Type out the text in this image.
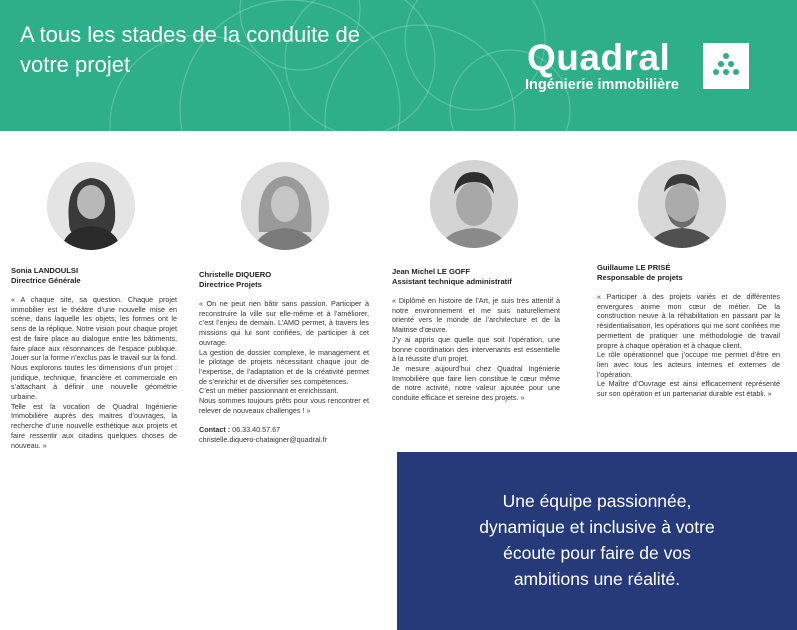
A tous les stades de la conduite de
votre projet	Quadral
Ingénierie immobilière
Sonia LANDOULSI
Directrice Générale

« A chaque site, sa question. Chaque projet immobilier est le théâtre d’une nouvelle mise en scène, dans laquelle les objets, les formes ont le sens de la réplique. Notre vision pour chaque projet est de faire place au dialogue entre les bâtiments, faire place aux résonnances de l’espace publique. Jouer sur la forme n’exclus pas le travail sur la fond. Nous explorons toutes les dimensions d’un projet : juridique, technique, financière et commerciale en s’attachant à définir une nouvelle géométrie urbaine.

Telle est la vocation de Quadral Ingénierie Immobilière auprès des maitres d’ouvrages, la recherche d’une nouvelle esthétique aux projets et faire ressentir aux citadins quelques choses de nouveau. »

Christelle DIQUERO
Directrice Projets

« On ne peut rien bâtir sans passion. Participer à reconstruire la ville sur elle-même et à l’améliorer, c’est l’enjeu de demain. L’AMO permet, à travers les missions qui lui sont confiées, de participer à cet ouvrage.

La gestion de dossier complexe, le management et le pilotage de projets nécessitant chaque jour de l’expertise, de l’adaptation et de la créativité permet de s’enrichir et de diversifier ses compétences.

C’est un métier passionnant et enrichissant.

Nous sommes toujours prêts pour vous rencontrer et relever de nouveaux challenges ! »

Contact : 06.33.40.57.67
christelle.diquero-chataigner@quadral.fr
Jean Michel LE GOFF
Assistant technique administratif

« Diplômé en histoire de l’Art, je suis très attentif à notre environnement et me suis naturellement orienté vers le monde de l’architecture et de la Maitrise d’œuvre.

J’y ai appris que quelle que soit l’opération, une bonne coordination des intervenants est essentielle à la réussite d’un projet.

Je mesure aujourd’hui chez Quadral Ingénierie Immobilière que faire lien constitue le cœur même de notre activité, notre valeur ajoutée pour une conduite efficace et sereine des projets. »

Guillaume LE PRISÉ
Responsable de projets

« Participer à des projets variés et de différentes envergures anime mon cœur de métier. De la construction neuve à la réhabilitation en passant par la résidentialisation, les opérations qui me sont confiées me permettent de pratiquer une méthodologie de travail propre à chaque opération et à chaque client.

Le rôle opérationnel que j’occupe me permet d’être en lien avec tous les acteurs internes et externes de l’opération.

Le Maître d’Ouvrage est ainsi efficacement représenté sur son opération et un partenariat durable est établi. »

Une équipe passionnée,
dynamique et inclusive à votre
écoute pour faire de vos
ambitions une réalité.
